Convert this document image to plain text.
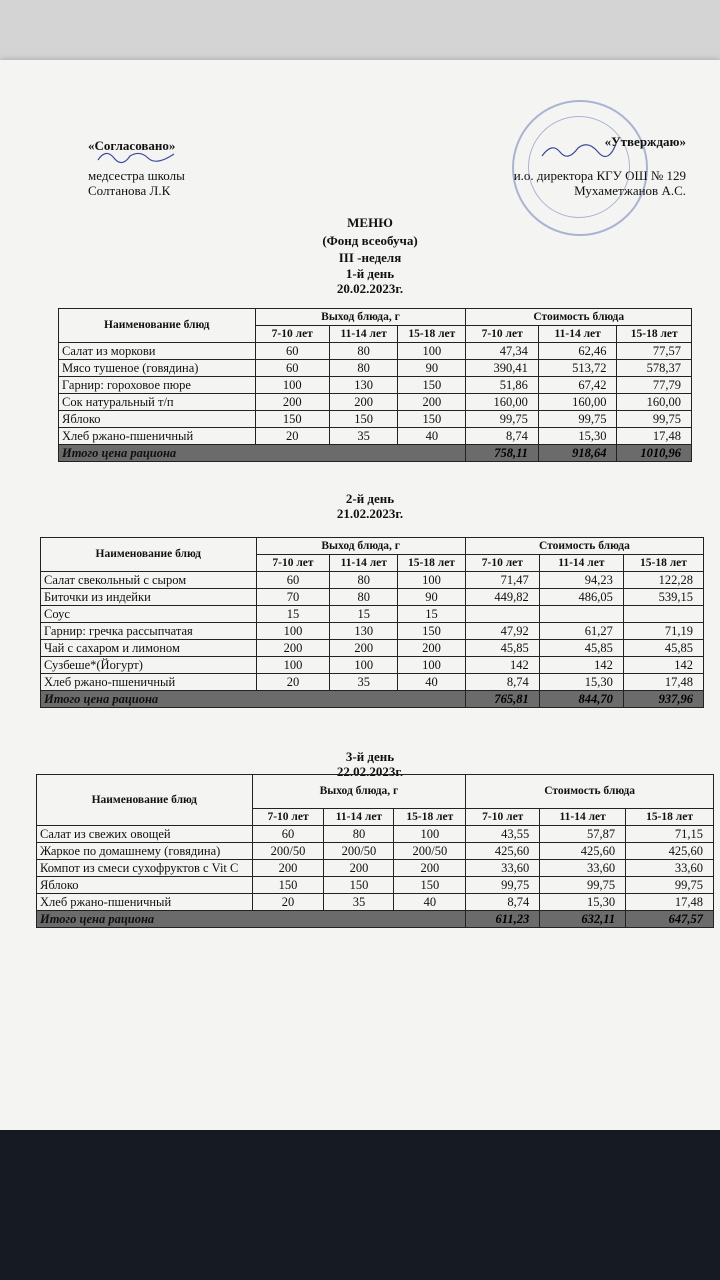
«Согласовано»
медсестра школы
Солтанова Л.К
«Утверждаю»
и.о. директора КГУ ОШ № 129
Мухаметжанов А.С.
МЕНЮ
(Фонд всеобуча)
III -неделя
1-й день
20.02.2023г.
2-й день
21.02.2023г.
3-й день
22.02.2023г.
Наименование блюд	Выход блюда, г			Стоимость блюда		
	7-10 лет	11-14 лет	15-18 лет	7-10 лет	11-14 лет	15-18 лет
Салат из моркови	60	80	100	47,34	62,46	77,57
Мясо тушеное (говядина)	60	80	90	390,41	513,72	578,37
Гарнир: гороховое пюре	100	130	150	51,86	67,42	77,79
Сок натуральный т/п	200	200	200	160,00	160,00	160,00
Яблоко	150	150	150	99,75	99,75	99,75
Хлеб ржано-пшеничный	20	35	40	8,74	15,30	17,48
Итого цена рациона				758,11	918,64	1010,96
Наименование блюд	Выход блюда, г			Стоимость блюда		
	7-10 лет	11-14 лет	15-18 лет	7-10 лет	11-14 лет	15-18 лет
Салат свекольный с сыром	60	80	100	71,47	94,23	122,28
Биточки из индейки	70	80	90	449,82	486,05	539,15
Соус	15	15	15			
Гарнир: гречка рассыпчатая	100	130	150	47,92	61,27	71,19
Чай с сахаром и лимоном	200	200	200	45,85	45,85	45,85
Сузбеше*(Йогурт)	100	100	100	142	142	142
Хлеб ржано-пшеничный	20	35	40	8,74	15,30	17,48
Итого цена рациона				765,81	844,70	937,96
Наименование блюд	Выход блюда, г			Стоимость блюда		
	7-10 лет	11-14 лет	15-18 лет	7-10 лет	11-14 лет	15-18 лет
Салат из свежих овощей	60	80	100	43,55	57,87	71,15
Жаркое по домашнему (говядина)	200/50	200/50	200/50	425,60	425,60	425,60
Компот из смеси сухофруктов с Vit C	200	200	200	33,60	33,60	33,60
Яблоко	150	150	150	99,75	99,75	99,75
Хлеб ржано-пшеничный	20	35	40	8,74	15,30	17,48
Итого цена рациона				611,23	632,11	647,57
